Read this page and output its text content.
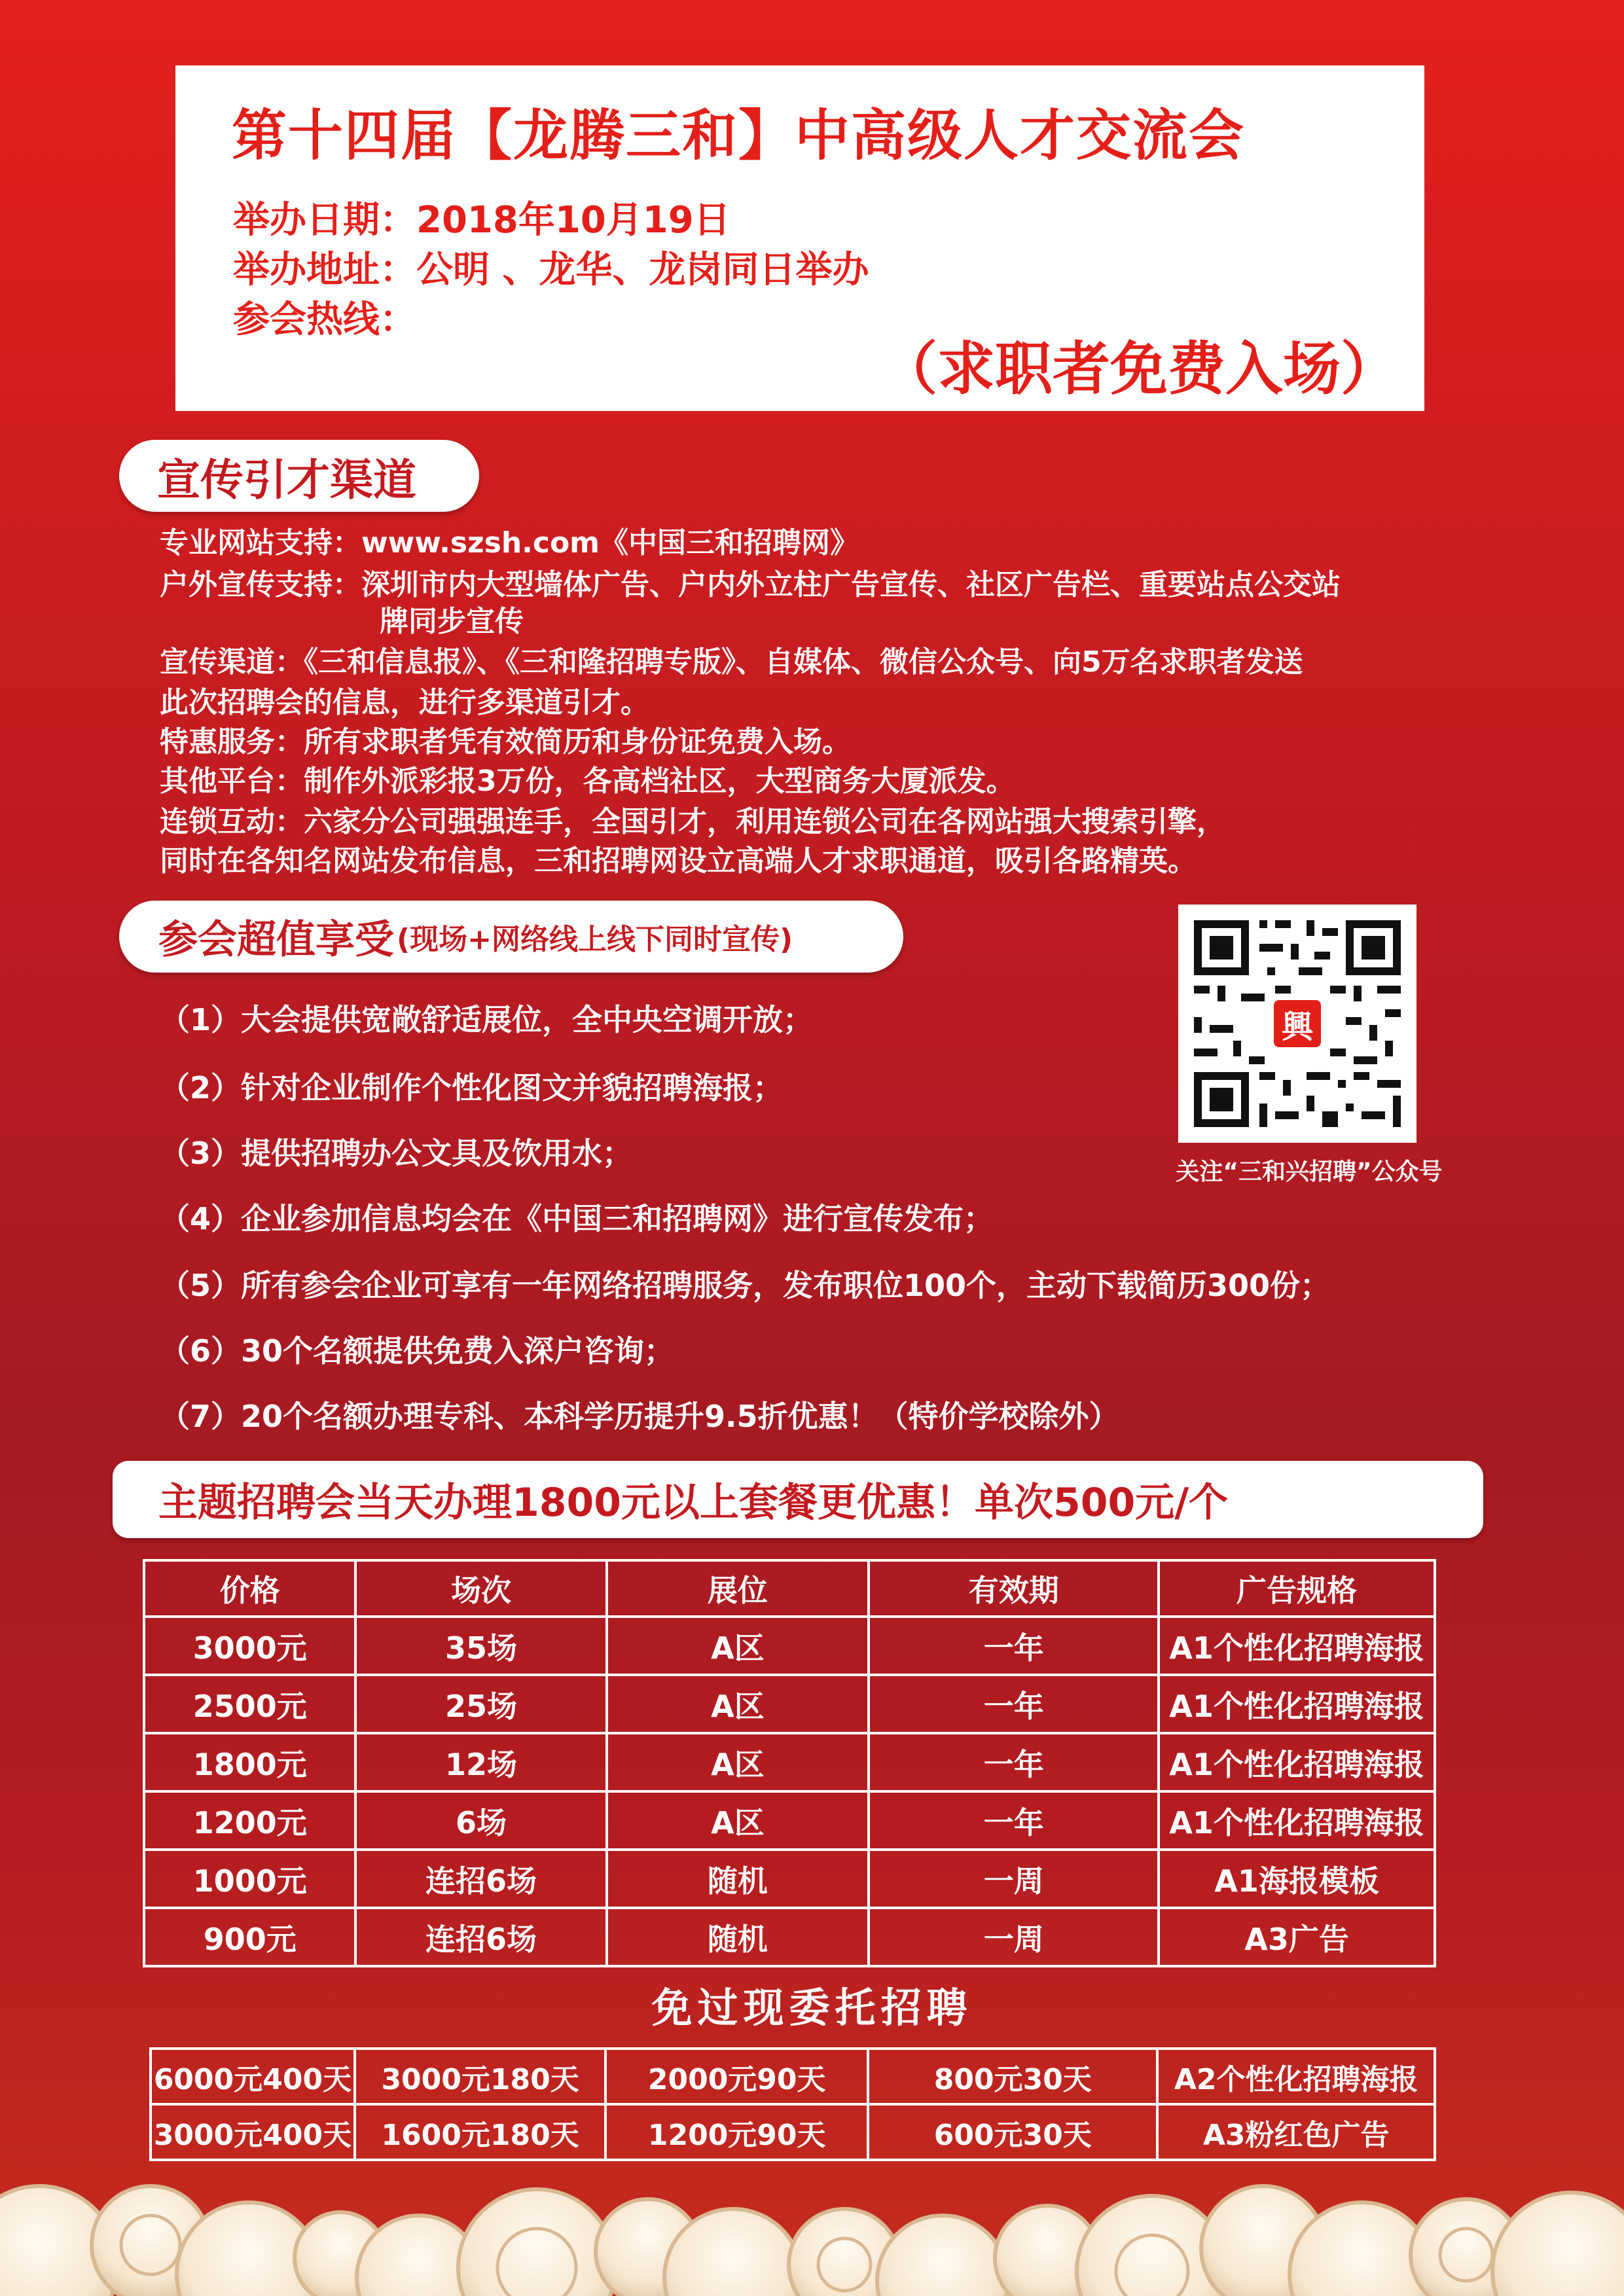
第十四届【龙腾三和】中高级人才交流会
举办日期：2018年10月19日
举办地址：公明 、龙华、龙岗同日举办
参会热线：
（求职者免费入场）
宣传引才渠道
专业网站支持：www.szsh.com《中国三和招聘网》
户外宣传支持：深圳市内大型墙体广告、户内外立柱广告宣传、社区广告栏、重要站点公交站
牌同步宣传
宣传渠道：《三和信息报》、《三和隆招聘专版》、自媒体、微信公众号、向5万名求职者发送
此次招聘会的信息，进行多渠道引才。
特惠服务：所有求职者凭有效简历和身份证免费入场。
其他平台：制作外派彩报3万份，各高档社区，大型商务大厦派发。
连锁互动：六家分公司强强连手，全国引才，利用连锁公司在各网站强大搜索引擎，
同时在各知名网站发布信息，三和招聘网设立高端人才求职通道，吸引各路精英。
参会超值享受 (现场+网络线上线下同时宣传)
（1）大会提供宽敞舒适展位，全中央空调开放；
（2）针对企业制作个性化图文并貌招聘海报；
（3）提供招聘办公文具及饮用水；
（4）企业参加信息均会在《中国三和招聘网》进行宣传发布；
（5）所有参会企业可享有一年网络招聘服务，发布职位100个，主动下载简历300份；
（6）30个名额提供免费入深户咨询；
（7）20个名额办理专科、本科学历提升9.5折优惠！（特价学校除外）
興
关注“三和兴招聘”公众号
主题招聘会当天办理1800元以上套餐更优惠！单次500元/个
价格	场次	展位	有效期	广告规格
3000元	35场	A区	一年	A1个性化招聘海报
2500元	25场	A区	一年	A1个性化招聘海报
1800元	12场	A区	一年	A1个性化招聘海报
1200元	6场	A区	一年	A1个性化招聘海报
1000元	连招6场	随机	一周	A1海报模板
900元	连招6场	随机	一周	A3广告
免过现委托招聘
6000元400天	3000元180天	2000元90天	800元30天	A2个性化招聘海报
3000元400天	1600元180天	1200元90天	600元30天	A3粉红色广告
